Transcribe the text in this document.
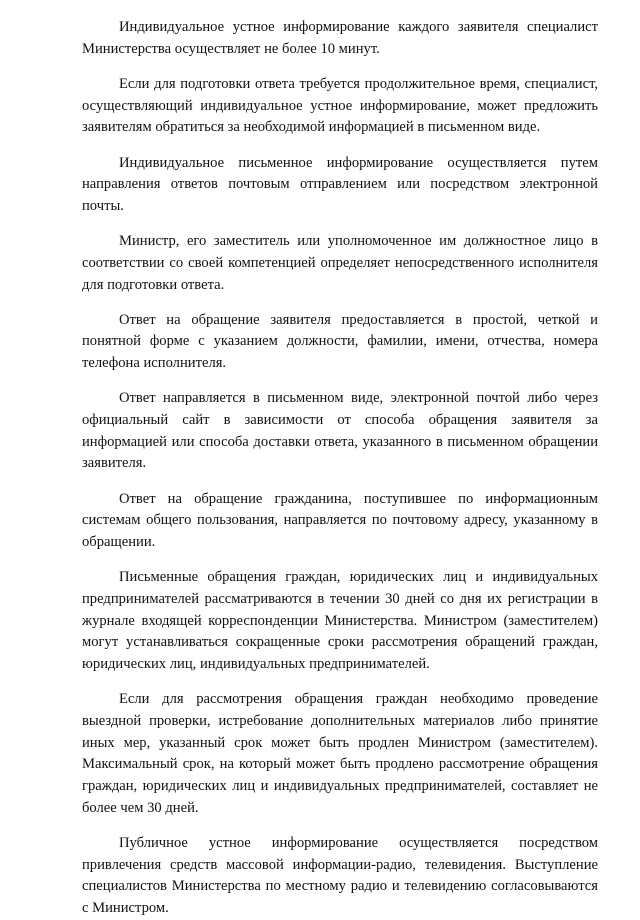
Индивидуальное устное информирование каждого заявителя специалист Министерства осуществляет не более 10 минут.

Если для подготовки ответа требуется продолжительное время, специалист, осуществляющий индивидуальное устное информирование, может предложить заявителям обратиться за необходимой информацией в письменном виде.

Индивидуальное письменное информирование осуществляется путем направления ответов почтовым отправлением или посредством электронной почты.

Министр, его заместитель или уполномоченное им должностное лицо в соответствии со своей компетенцией определяет непосредственного исполнителя для подготовки ответа.

Ответ на обращение заявителя предоставляется в простой, четкой и понятной форме с указанием должности, фамилии, имени, отчества, номера телефона исполнителя.

Ответ направляется в письменном виде, электронной почтой либо через официальный сайт в зависимости от способа обращения заявителя за информацией или способа доставки ответа, указанного в письменном обращении заявителя.

Ответ на обращение гражданина, поступившее по информационным системам общего пользования, направляется по почтовому адресу, указанному в обращении.

Письменные обращения граждан, юридических лиц и индивидуальных предпринимателей рассматриваются в течении 30 дней со дня их регистрации в журнале входящей корреспонденции Министерства. Министром (заместителем) могут устанавливаться сокращенные сроки рассмотрения обращений граждан, юридических лиц, индивидуальных предпринимателей.

Если для рассмотрения обращения граждан необходимо проведение выездной проверки, истребование дополнительных материалов либо принятие иных мер, указанный срок может быть продлен Министром (заместителем). Максимальный срок, на который может быть продлено рассмотрение обращения граждан, юридических лиц и индивидуальных предпринимателей, составляет не более чем 30 дней.

Публичное устное информирование осуществляется посредством привлечения средств массовой информации-радио, телевидения. Выступление специалистов Министерства по местному радио и телевидению согласовываются с Министром.
